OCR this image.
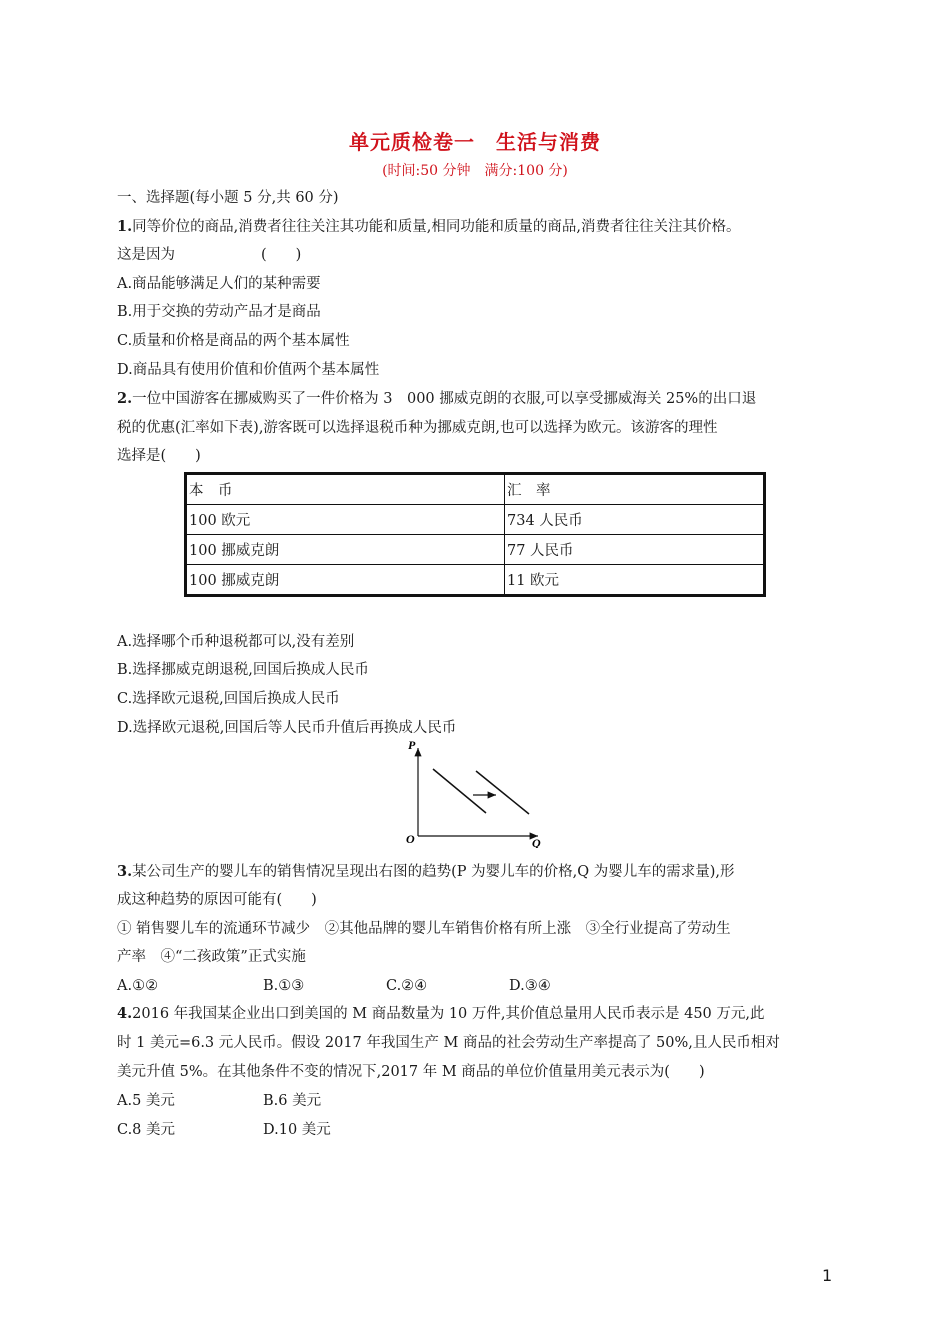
单元质检卷一　生活与消费
(时间:50 分钟　满分:100 分)
一、选择题(每小题 5 分,共 60 分)
1.同等价位的商品,消费者往往关注其功能和质量,相同功能和质量的商品,消费者往往关注其价格。
这是因为	(　　)
A.商品能够满足人们的某种需要
B.用于交换的劳动产品才是商品
C.质量和价格是商品的两个基本属性
D.商品具有使用价值和价值两个基本属性
2.一位中国游客在挪威购买了一件价格为 3　000 挪威克朗的衣服,可以享受挪威海关 25%的出口退
税的优惠(汇率如下表),游客既可以选择退税币种为挪威克朗,也可以选择为欧元。该游客的理性
选择是(　　)
本　币	汇　率
100 欧元	734 人民币
100 挪威克朗	77 人民币
100 挪威克朗	11 欧元
A.选择哪个币种退税都可以,没有差别
B.选择挪威克朗退税,回国后换成人民币
C.选择欧元退税,回国后换成人民币
D.选择欧元退税,回国后等人民币升值后再换成人民币
P
Q
O
3.某公司生产的婴儿车的销售情况呈现出右图的趋势(P 为婴儿车的价格,Q 为婴儿车的需求量),形
成这种趋势的原因可能有(　　)
① 销售婴儿车的流通环节减少　②其他品牌的婴儿车销售价格有所上涨　③全行业提高了劳动生
产率　④“二孩政策”正式实施
A.①②	B.①③	C.②④	D.③④
4.2016 年我国某企业出口到美国的 M 商品数量为 10 万件,其价值总量用人民币表示是 450 万元,此
时 1 美元=6.3 元人民币。假设 2017 年我国生产 M 商品的社会劳动生产率提高了 50%,且人民币相对
美元升值 5%。在其他条件不变的情况下,2017 年 M 商品的单位价值量用美元表示为(　　)
A.5 美元	B.6 美元
C.8 美元	D.10 美元
1
